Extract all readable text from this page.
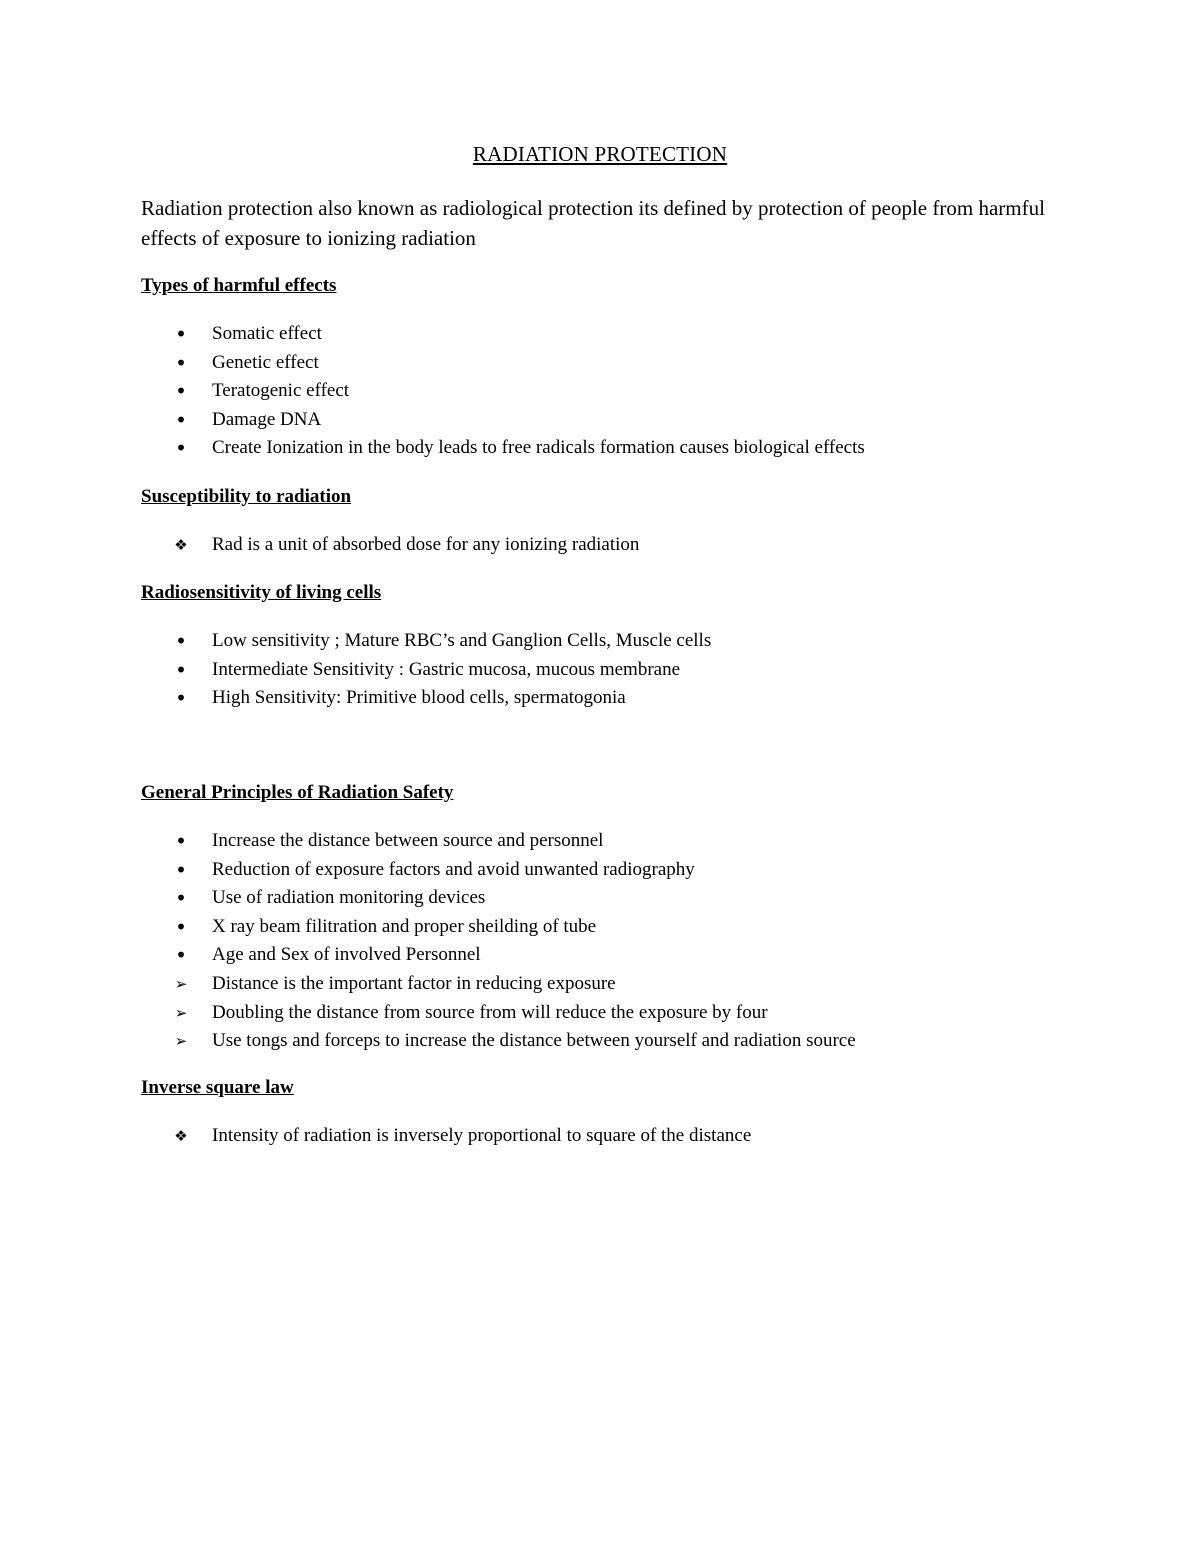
RADIATION PROTECTION
Radiation protection also known as radiological protection its defined by protection of people from harmful effects of exposure to ionizing radiation
Types of harmful effects
• Somatic effect
• Genetic effect
• Teratogenic effect
• Damage DNA
• Create Ionization in the body leads to free radicals formation causes biological effects
Susceptibility to radiation
❖ Rad is a unit of absorbed dose for any ionizing radiation
Radiosensitivity of living cells
• Low sensitivity ; Mature RBC’s and Ganglion Cells, Muscle cells
• Intermediate Sensitivity : Gastric mucosa, mucous membrane
• High Sensitivity: Primitive blood cells, spermatogonia
General Principles of Radiation Safety
• Increase the distance between source and personnel
• Reduction of exposure factors and avoid unwanted radiography
• Use of radiation monitoring devices
• X ray beam filitration and proper sheilding of tube
• Age and Sex of involved Personnel
➢ Distance is the important factor in reducing exposure
➢ Doubling the distance from source from will reduce the exposure by four
➢ Use tongs and forceps to increase the distance between yourself and radiation source
Inverse square law
❖ Intensity of radiation is inversely proportional to square of the distance
